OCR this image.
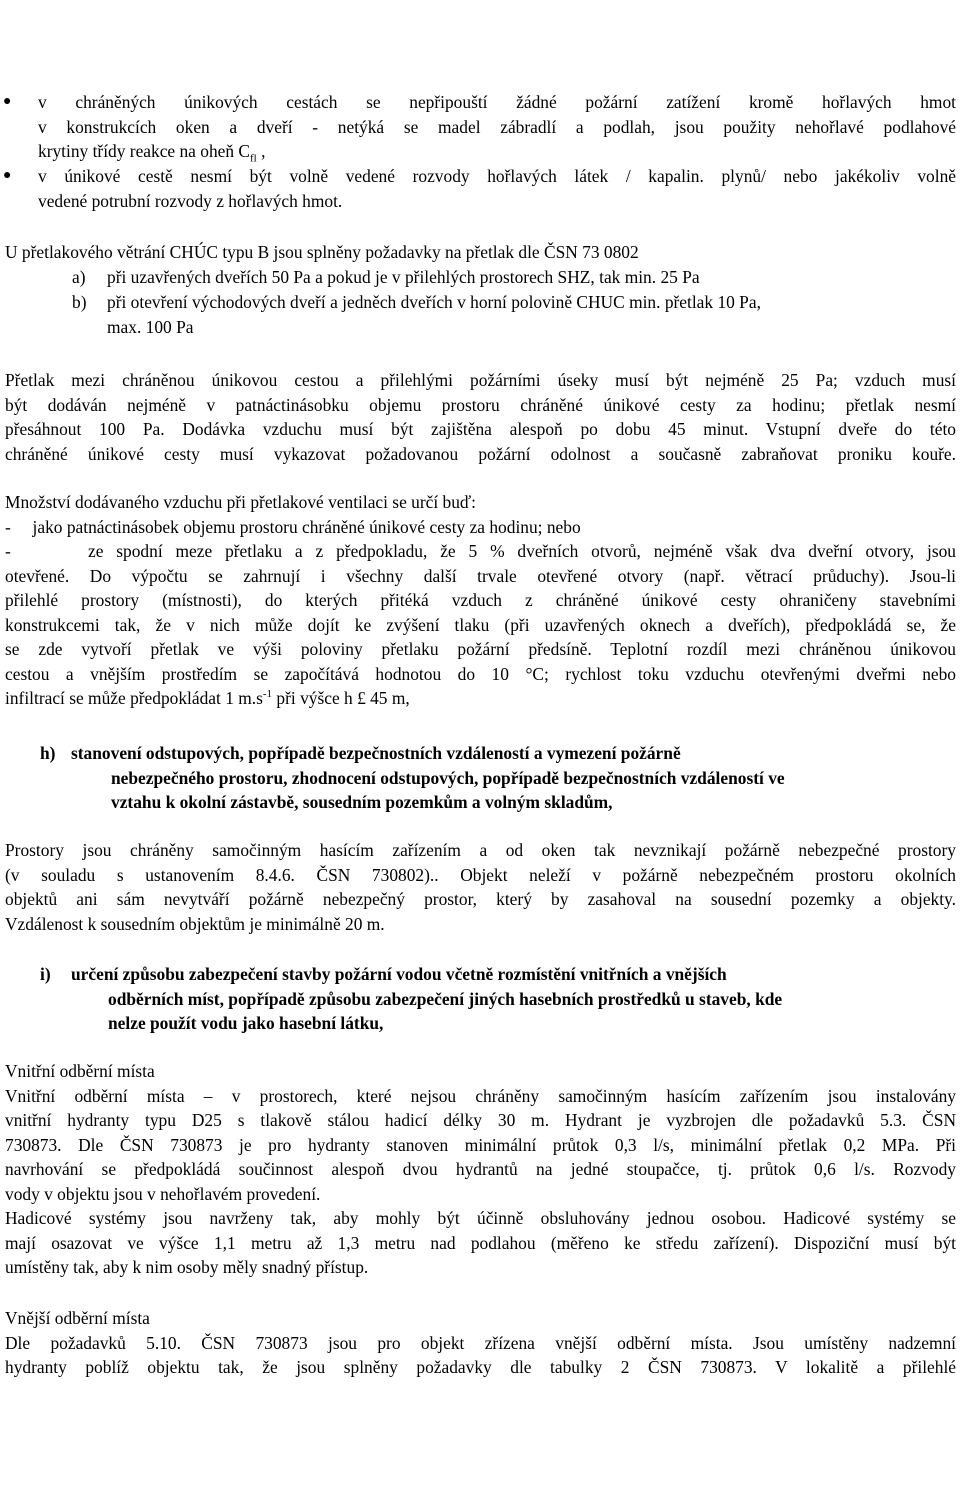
● v chráněných únikových cestách se nepřipouští žádné požární zatížení kromě hořlavých hmot
v konstrukcích oken a dveří - netýká se madel zábradlí a podlah, jsou použity nehořlavé podlahové
krytiny třídy reakce na oheň $C_{fl}$ ,
● v únikové cestě nesmí být volně vedené rozvody hořlavých látek / kapalin. plynů/ nebo jakékoliv volně
vedené potrubní rozvody z hořlavých hmot.
U přetlakového větrání CHÚC typu B jsou splněny požadavky na přetlak dle ČSN 73 0802
a) při uzavřených dveřích 50 Pa a pokud je v přilehlých prostorech SHZ, tak min. 25 Pa
b) při otevření východových dveří a jedněch dveřích v horní polovině CHUC min. přetlak 10 Pa,
max. 100 Pa
Přetlak mezi chráněnou únikovou cestou a přilehlými požárními úseky musí být nejméně 25 Pa; vzduch musí
být dodáván nejméně v patnáctinásobku objemu prostoru chráněné únikové cesty za hodinu; přetlak nesmí
přesáhnout 100 Pa. Dodávka vzduchu musí být zajištěna alespoň po dobu 45 minut. Vstupní dveře do této
chráněné únikové cesty musí vykazovat požadovanou požární odolnost a současně zabraňovat proniku kouře.
Množství dodávaného vzduchu při přetlakové ventilaci se určí buď:
-     jako patnáctinásobek objemu prostoru chráněné únikové cesty za hodinu; nebo
-      ze spodní meze přetlaku a z předpokladu, že 5 % dveřních otvorů, nejméně však dva dveřní otvory, jsou
otevřené. Do výpočtu se zahrnují i všechny další trvale otevřené otvory (např. větrací průduchy). Jsou-li
přilehlé prostory (místnosti), do kterých přitéká vzduch z chráněné únikové cesty ohraničeny stavebními
konstrukcemi tak, že v nich může dojít ke zvýšení tlaku (při uzavřených oknech a dveřích), předpokládá se, že
se zde vytvoří přetlak ve výši poloviny přetlaku požární předsíně. Teplotní rozdíl mezi chráněnou únikovou
cestou a vnějším prostředím se započítává hodnotou do 10 °C; rychlost toku vzduchu otevřenými dveřmi nebo
infiltrací se může předpokládat 1 $m.s^{-1}$ při výšce h £ 45 m,
h) stanovení odstupových, popřípadě bezpečnostních vzdáleností a vymezení požárně
nebezpečného prostoru, zhodnocení odstupových, popřípadě bezpečnostních vzdáleností ve
vztahu k okolní zástavbě, sousedním pozemkům a volným skladům,
Prostory jsou chráněny samočinným hasícím zařízením a od oken tak nevznikají požárně nebezpečné prostory
(v souladu s ustanovením 8.4.6. ČSN 730802).. Objekt neleží v požárně nebezpečném prostoru okolních
objektů ani sám nevytváří požárně nebezpečný prostor, který by zasahoval na sousední pozemky a objekty.
Vzdálenost k sousedním objektům je minimálně 20 m.
i) určení způsobu zabezpečení stavby požární vodou včetně rozmístění vnitřních a vnějších
odběrních míst, popřípadě způsobu zabezpečení jiných hasebních prostředků u staveb, kde
nelze použít vodu jako hasební látku,
Vnitřní odběrní místa
Vnitřní odběrní místa – v prostorech, které nejsou chráněny samočinným hasícím zařízením jsou instalovány
vnitřní hydranty typu D25 s tlakově stálou hadicí délky 30 m. Hydrant je vyzbrojen dle požadavků 5.3. ČSN
730873. Dle ČSN 730873 je pro hydranty stanoven minimální průtok 0,3 l/s, minimální přetlak 0,2 MPa. Při
navrhování se předpokládá součinnost alespoň dvou hydrantů na jedné stoupačce, tj. průtok 0,6 l/s. Rozvody
vody v objektu jsou v nehořlavém provedení.
Hadicové systémy jsou navrženy tak, aby mohly být účinně obsluhovány jednou osobou. Hadicové systémy se
mají osazovat ve výšce 1,1 metru až 1,3 metru nad podlahou (měřeno ke středu zařízení). Dispoziční musí být
umístěny tak, aby k nim osoby měly snadný přístup.
Vnější odběrní místa
Dle požadavků 5.10. ČSN 730873 jsou pro objekt zřízena vnější odběrní místa. Jsou umístěny nadzemní
hydranty poblíž objektu tak, že jsou splněny požadavky dle tabulky 2 ČSN 730873. V lokalitě a přilehlé
